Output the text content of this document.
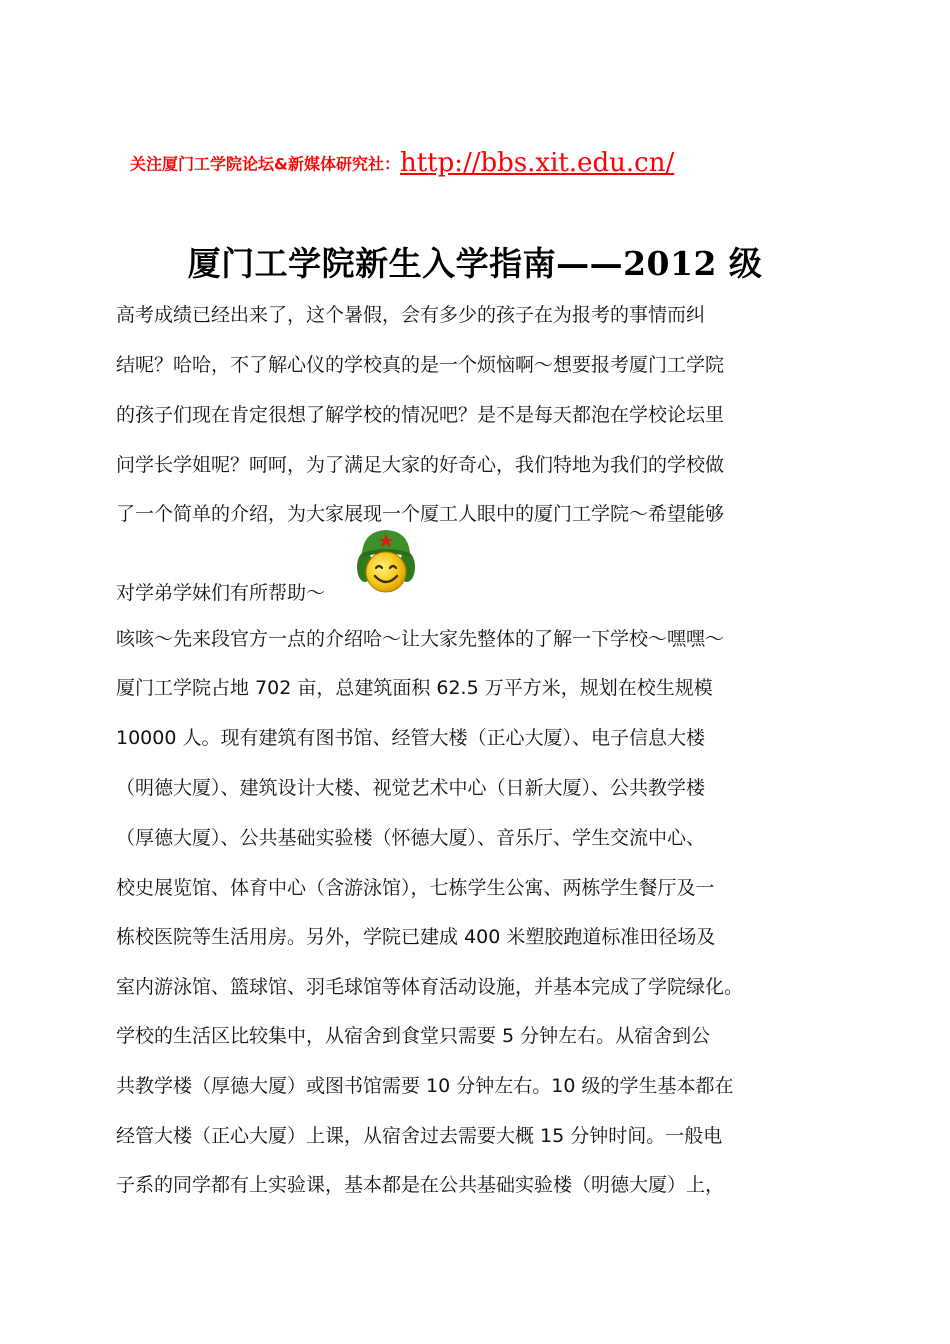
关注厦门工学院论坛&新媒体研究社：http://bbs.xit.edu.cn/
厦门工学院新生入学指南——2012 级
高考成绩已经出来了，这个暑假，会有多少的孩子在为报考的事情而纠
结呢？哈哈，不了解心仪的学校真的是一个烦恼啊～想要报考厦门工学院
的孩子们现在肯定很想了解学校的情况吧？是不是每天都泡在学校论坛里
问学长学姐呢？呵呵，为了满足大家的好奇心，我们特地为我们的学校做
了一个简单的介绍，为大家展现一个厦工人眼中的厦门工学院～希望能够
对学弟学妹们有所帮助～
咳咳～先来段官方一点的介绍哈～让大家先整体的了解一下学校～嘿嘿～
厦门工学院占地 702 亩，总建筑面积 62.5 万平方米，规划在校生规模
10000 人。现有建筑有图书馆、经管大楼（正心大厦）、电子信息大楼
（明德大厦）、建筑设计大楼、视觉艺术中心（日新大厦）、公共教学楼
（厚德大厦）、公共基础实验楼（怀德大厦）、音乐厅、学生交流中心、
校史展览馆、体育中心（含游泳馆），七栋学生公寓、两栋学生餐厅及一
栋校医院等生活用房。另外，学院已建成 400 米塑胶跑道标准田径场及
室内游泳馆、篮球馆、羽毛球馆等体育活动设施，并基本完成了学院绿化。
学校的生活区比较集中，从宿舍到食堂只需要 5 分钟左右。从宿舍到公
共教学楼（厚德大厦）或图书馆需要 10 分钟左右。10 级的学生基本都在
经管大楼（正心大厦）上课，从宿舍过去需要大概 15 分钟时间。一般电
子系的同学都有上实验课，基本都是在公共基础实验楼（明德大厦）上，
